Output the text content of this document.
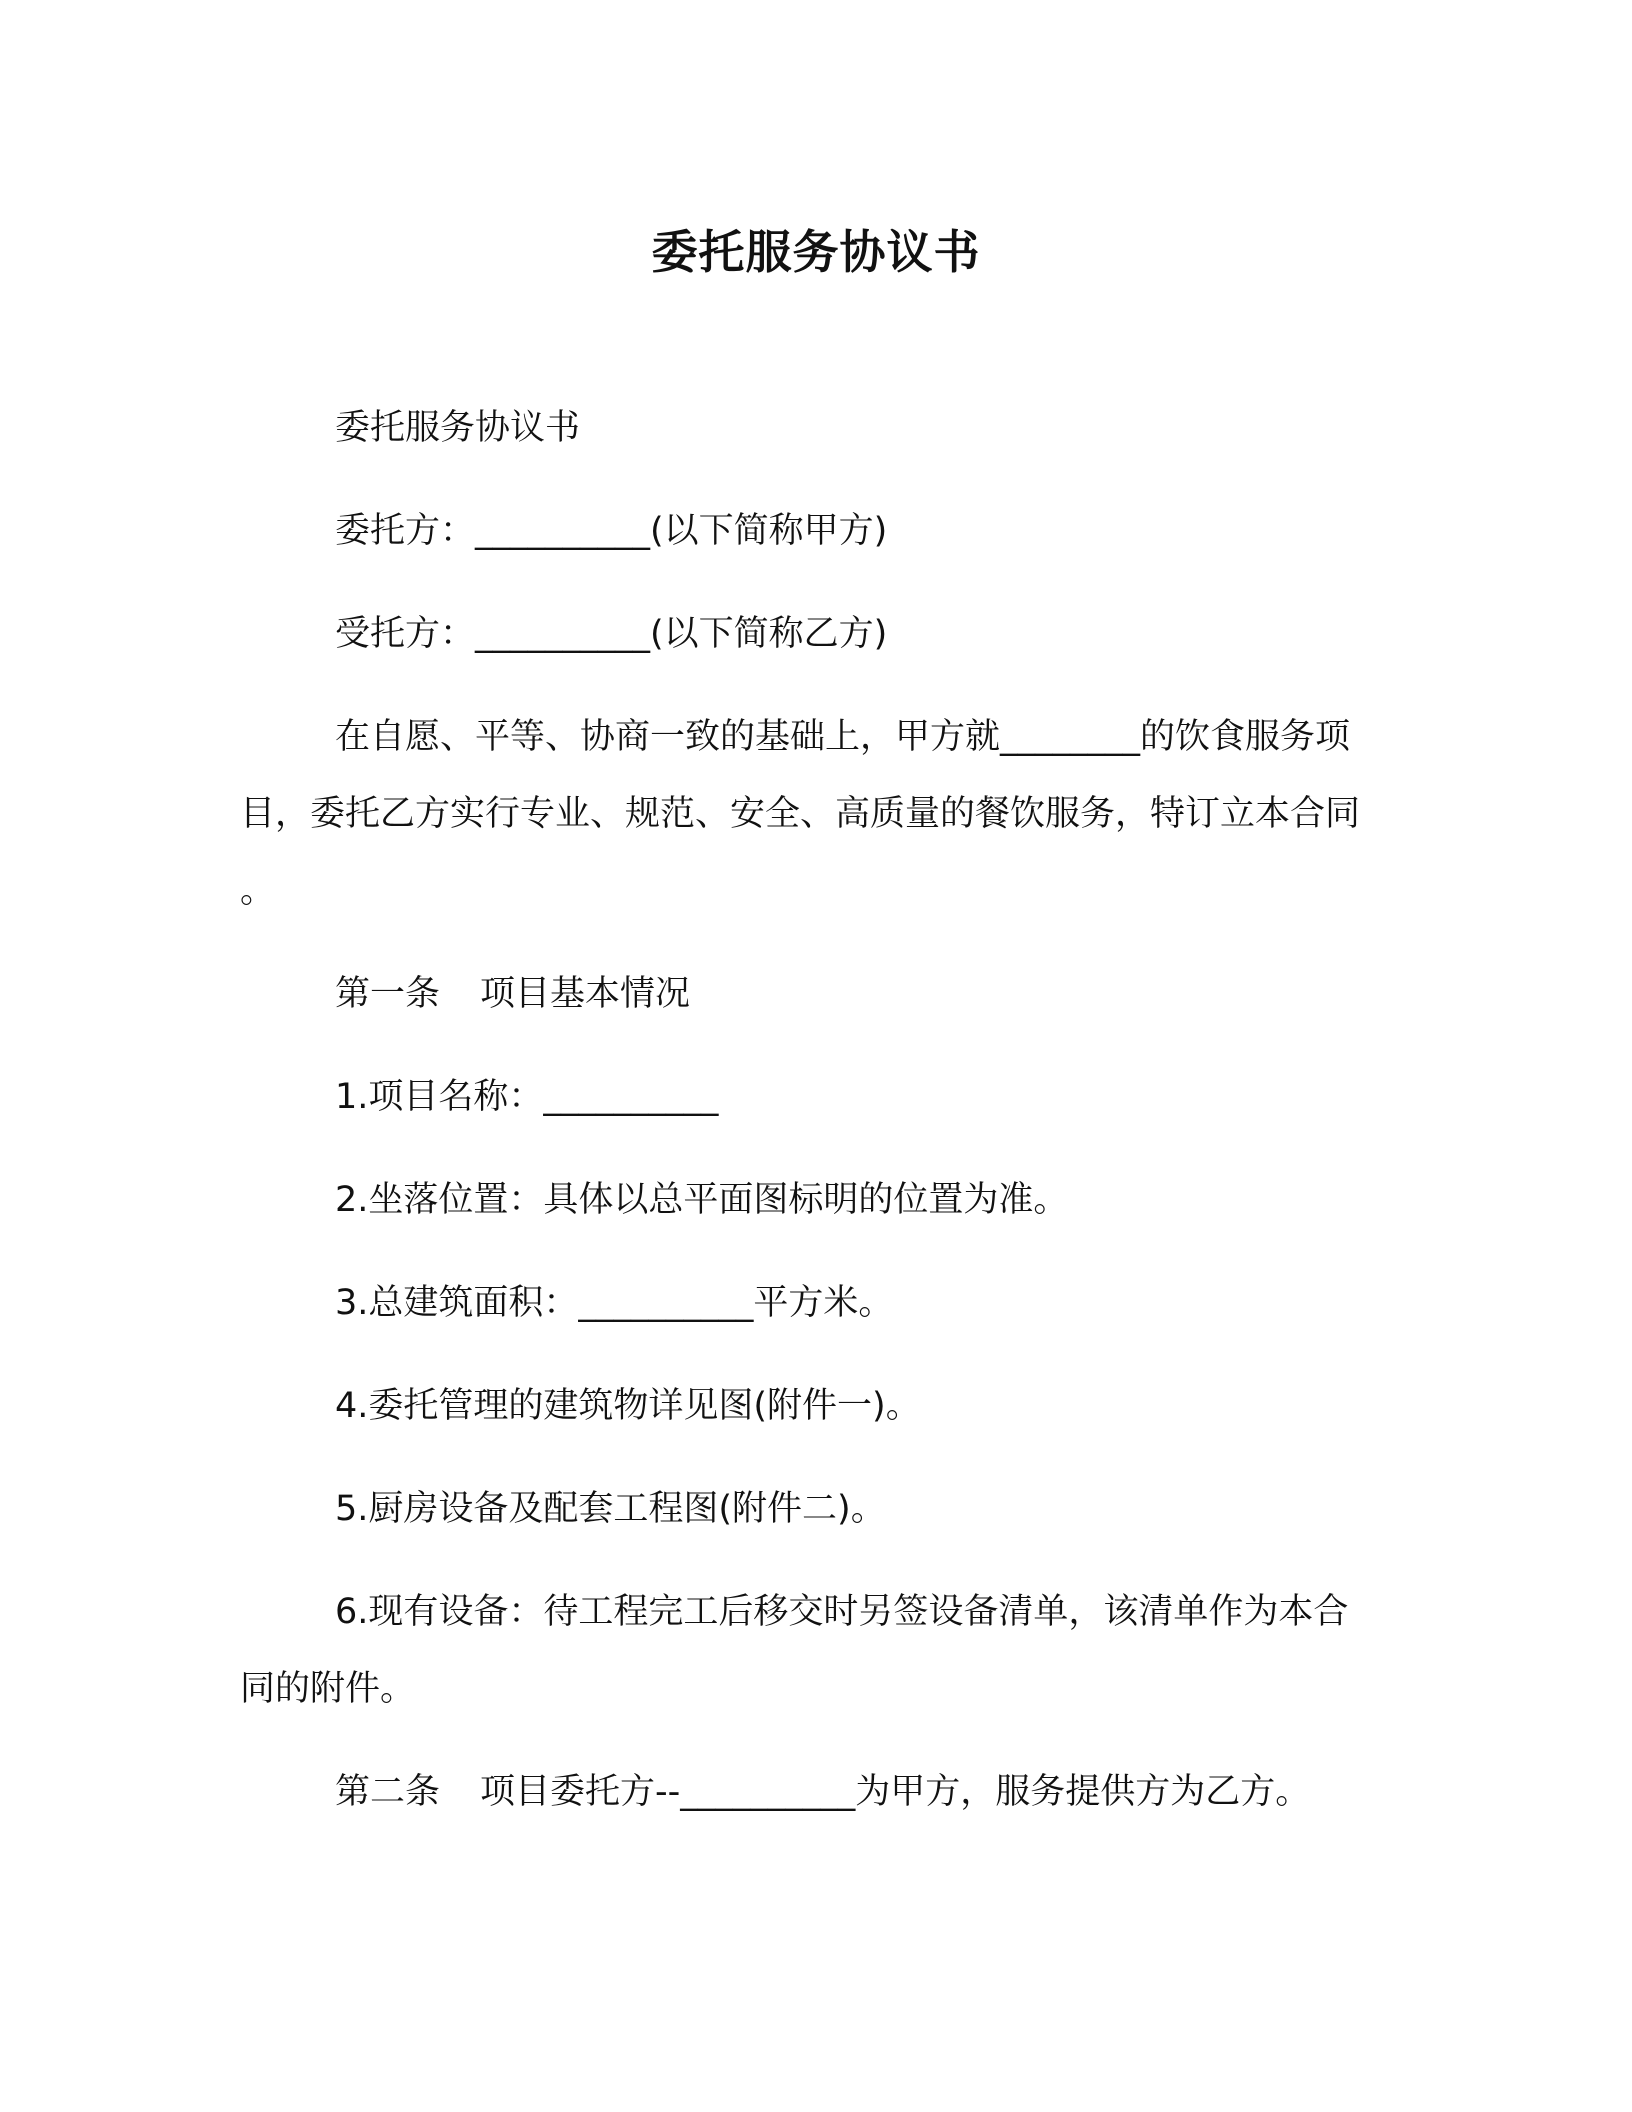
委托服务协议书

委托服务协议书

委托方：__________(以下简称甲方)

受托方：__________(以下简称乙方)

在自愿、平等、协商一致的基础上，甲方就________的饮食服务项目，委托乙方实行专业、规范、安全、高质量的餐饮服务，特订立本合同。

第一条 项目基本情况

1.项目名称：__________

2.坐落位置：具体以总平面图标明的位置为准。

3.总建筑面积：__________平方米。

4.委托管理的建筑物详见图(附件一)。

5.厨房设备及配套工程图(附件二)。

6.现有设备：待工程完工后移交时另签设备清单，该清单作为本合同的附件。

第二条 项目委托方--__________为甲方，服务提供方为乙方。
